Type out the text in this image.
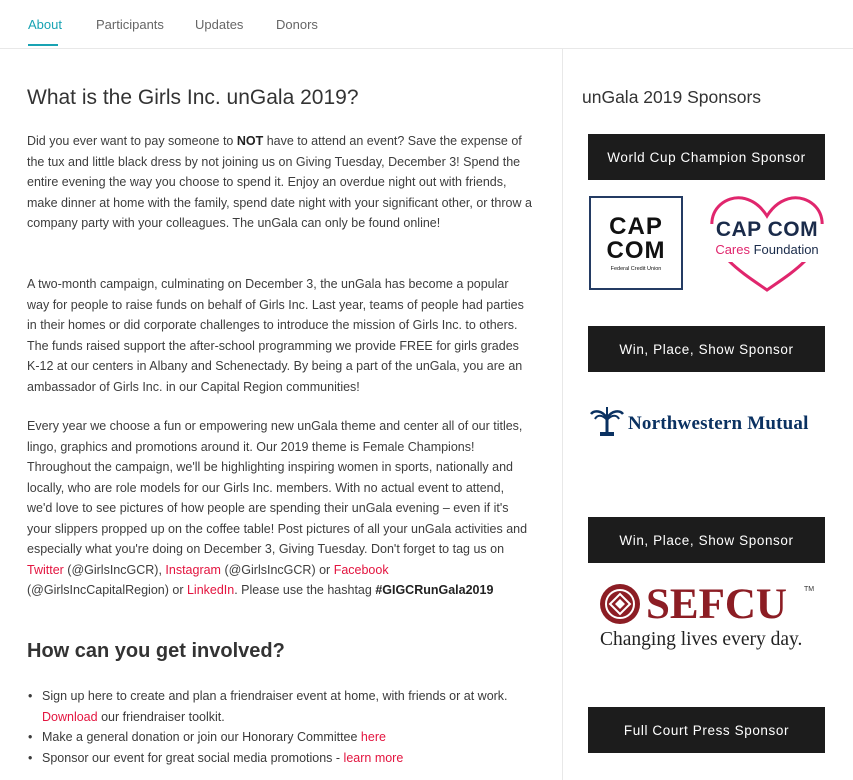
About	Participants Updates	Donors
What is the Girls Inc. unGala 2019?

Did you ever want to pay someone to NOT have to attend an event? Save the expense of the tux and little black dress by not joining us on Giving Tuesday, December 3! Spend the entire evening the way you choose to spend it. Enjoy an overdue night out with friends, make dinner at home with the family, spend date night with your significant other, or throw a company party with your colleagues. The unGala can only be found online!

A two-month campaign, culminating on December 3, the unGala has become a popular way for people to raise funds on behalf of Girls Inc. Last year, teams of people had parties in their homes or did corporate challenges to introduce the mission of Girls Inc. to others. The funds raised support the after-school programming we provide FREE for girls grades K-12 at our centers in Albany and Schenectady. By being a part of the unGala, you are an ambassador of Girls Inc. in our Capital Region communities!

Every year we choose a fun or empowering new unGala theme and center all of our titles, lingo, graphics and promotions around it. Our 2019 theme is Female Champions! Throughout the campaign, we'll be highlighting inspiring women in sports, nationally and locally, who are role models for our Girls Inc. members. With no actual event to attend, we'd love to see pictures of how people are spending their unGala evening – even if it's your slippers propped up on the coffee table! Post pictures of all your unGala activities and especially what you're doing on December 3, Giving Tuesday. Don't forget to tag us on Twitter (@GirlsIncGCR), Instagram (@GirlsIncGCR) or Facebook (@GirlsIncCapitalRegion) or LinkedIn. Please use the hashtag #GIGCRunGala2019

How can you get involved?
• Sign up here to create and plan a friendraiser event at home, with friends or at work. Download our friendraiser toolkit.
• Make a general donation or join our Honorary Committee here
• Sponsor our event for great social media promotions - learn more
unGala 2019 Sponsors
World Cup Champion Sponsor
CAP
COM
Federal Credit Union
CAP COM
Cares Foundation
Win, Place, Show Sponsor
Northwestern Mutual
Win, Place, Show Sponsor
SEFCU TM
Changing lives every day.
Full Court Press Sponsor
